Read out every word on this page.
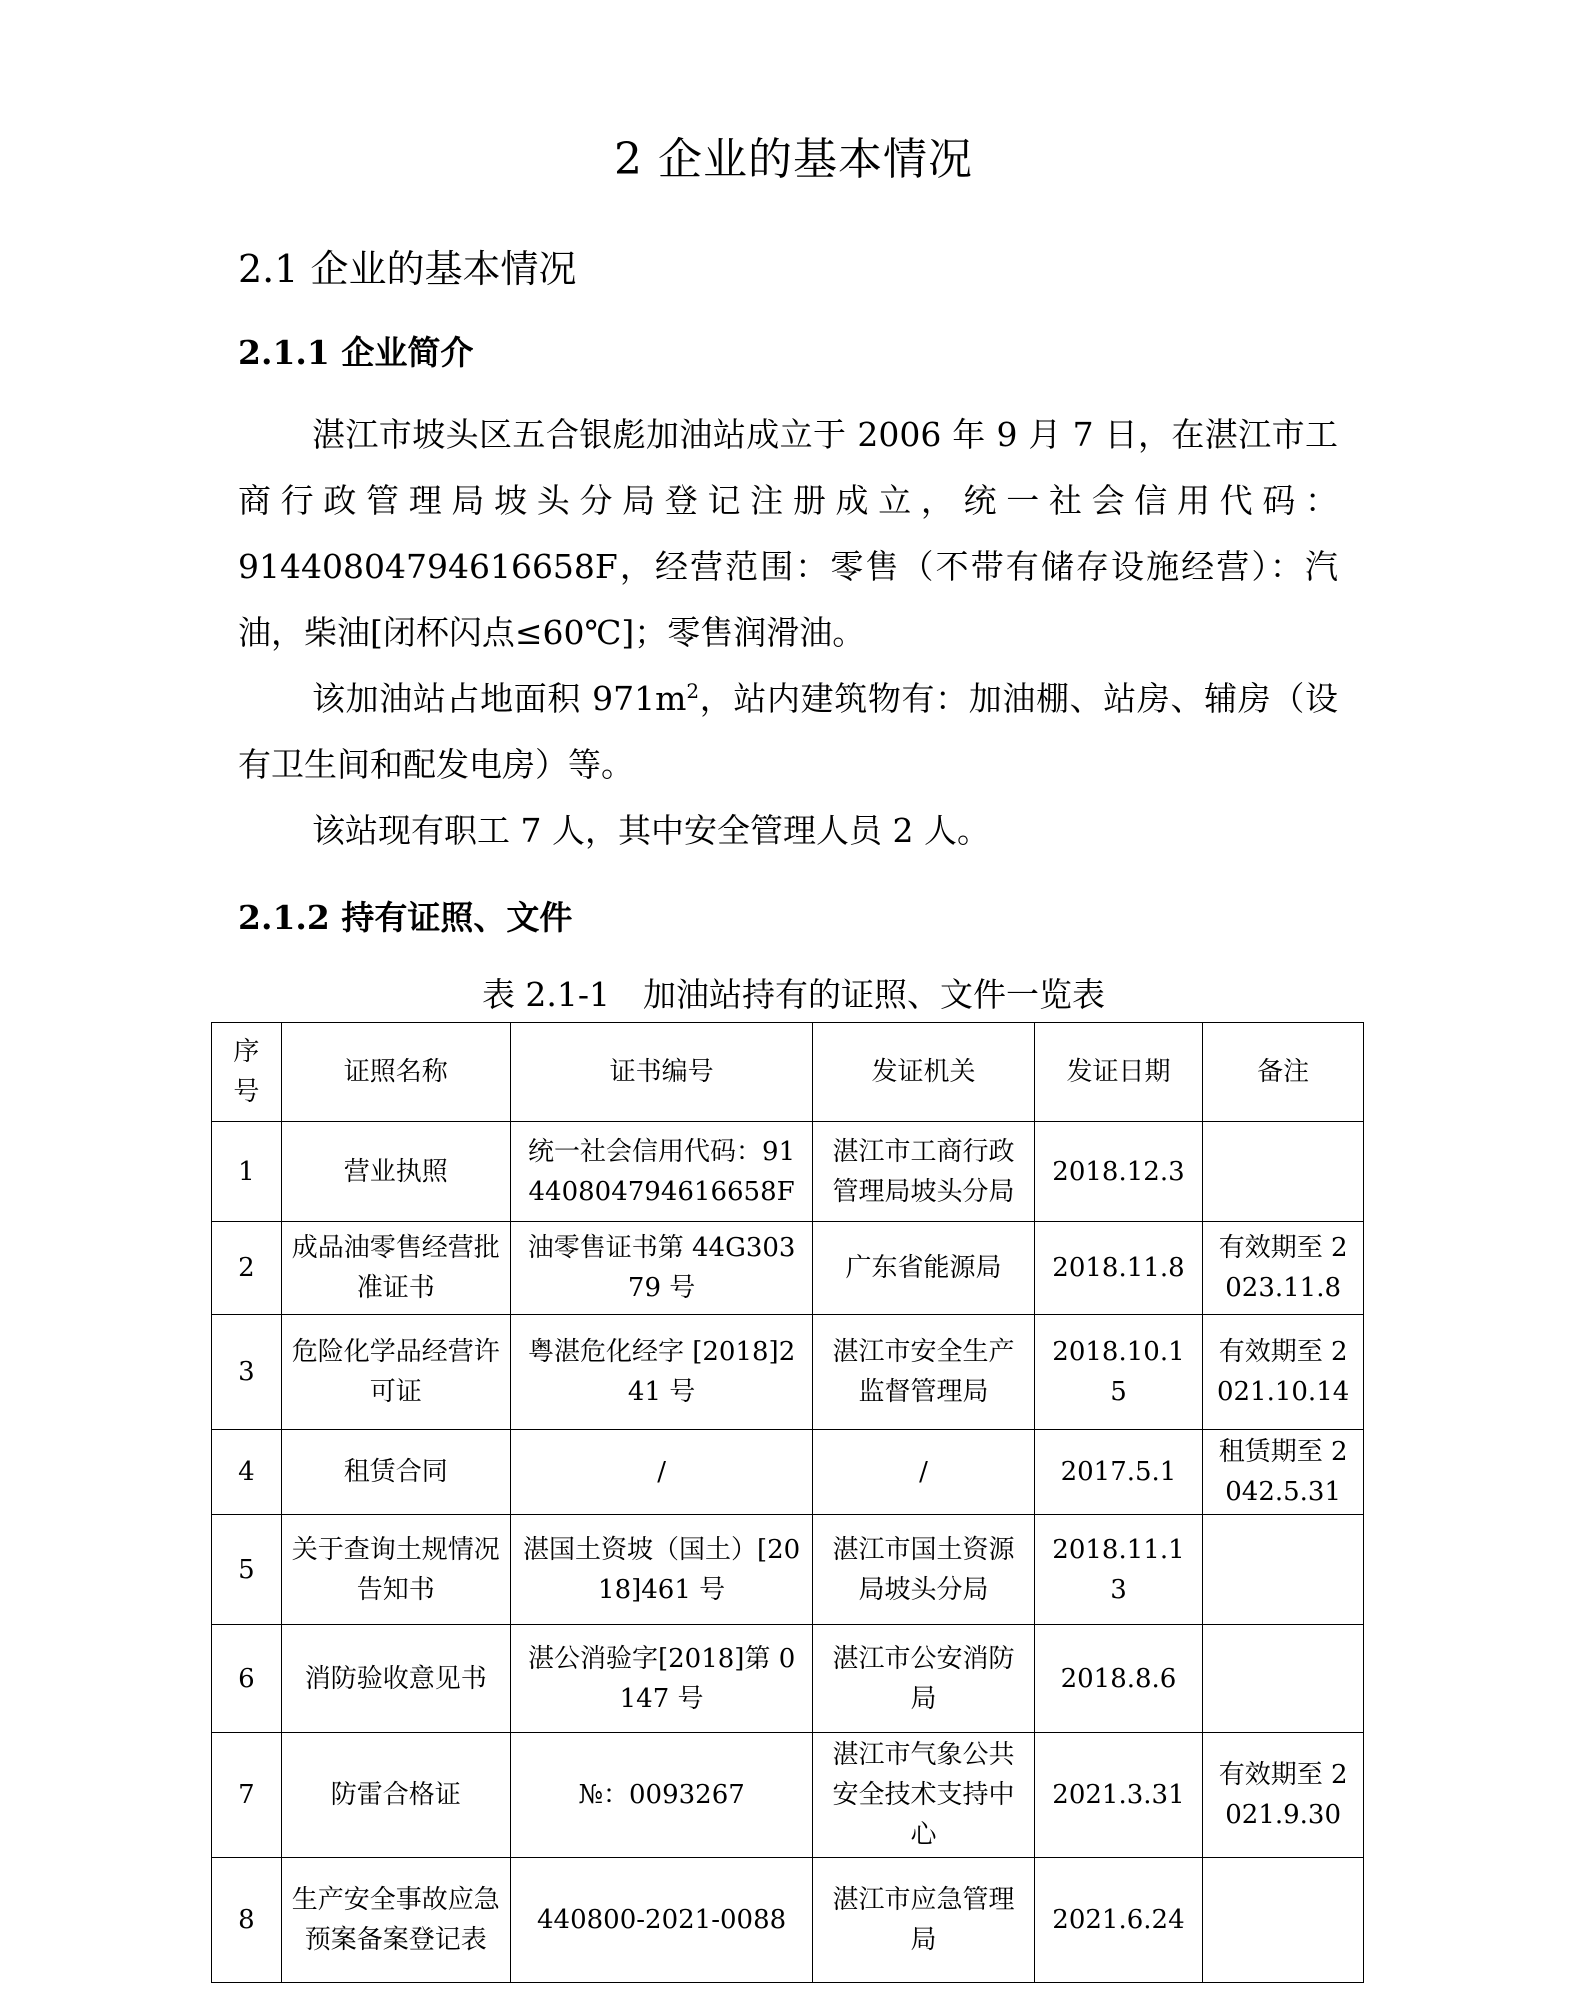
2 企业的基本情况
2.1 企业的基本情况
2.1.1 企业简介
湛江市坡头区五合银彪加油站成立于 2006 年 9 月 7 日，在湛江市工商行政管理局坡头分局登记注册成立，统一社会信用代码：91440804794616658F，经营范围：零售（不带有储存设施经营）：汽油，柴油[闭杯闪点≤60℃]；零售润滑油。
该加油站占地面积 $971m^2$，站内建筑物有：加油棚、站房、辅房（设有卫生间和配发电房）等。
该站现有职工 7 人，其中安全管理人员 2 人。
2.1.2 持有证照、文件
表 2.1-1　加油站持有的证照、文件一览表
序号	证照名称	证书编号	发证机关	发证日期	备注
1	营业执照	统一社会信用代码：91440804794616658F	湛江市工商行政管理局坡头分局	2018.12.3	
2	成品油零售经营批准证书	油零售证书第 44G30379 号	广东省能源局	2018.11.8	有效期至 2023.11.8
3	危险化学品经营许可证	粤湛危化经字 [2018]241 号	湛江市安全生产监督管理局	2018.10.15	有效期至 2021.10.14
4	租赁合同	/	/	2017.5.1	租赁期至 2042.5.31
5	关于查询土规情况告知书	湛国土资坡（国土）[2018]461 号	湛江市国土资源局坡头分局	2018.11.13	
6	消防验收意见书	湛公消验字[2018]第 0147 号	湛江市公安消防局	2018.8.6	
7	防雷合格证	№：0093267	湛江市气象公共安全技术支持中心	2021.3.31	有效期至 2021.9.30
8	生产安全事故应急预案备案登记表	440800-2021-0088	湛江市应急管理局	2021.6.24	
